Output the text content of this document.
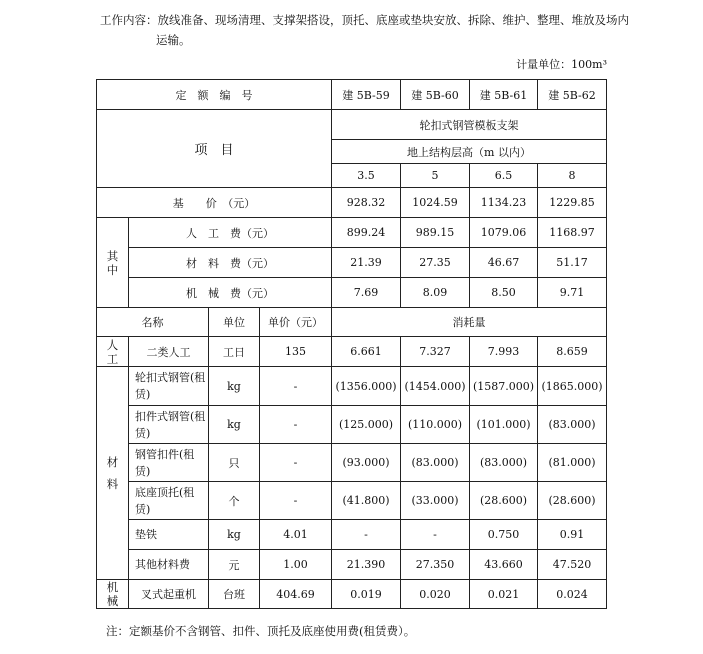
工作内容：放线准备、现场清理、支撑架搭设，顶托、底座或垫块安放、拆除、维护、整理、堆放及场内
运输。
计量单位：100m³
定　额　编　号				建 5B-59	建 5B-60	建 5B-61	建 5B-62
项　目				轮扣式钢管模板支架			
				地上结构层高（m 以内）			
				3.5	5	6.5	8
基　　价　（元）				928.32	1024.59	1134.23	1229.85
其中	人　工　费（元）			899.24	989.15	1079.06	1168.97
	材　料　费（元）			21.39	27.35	46.67	51.17
	机　械　费（元）			7.69	8.09	8.50	9.71
名称		单位	单价（元）	消耗量			
人工	二类人工	工日	135	6.661	7.327	7.993	8.659
材料	轮扣式钢管(租赁)	kg	-	(1356.000)	(1454.000)	(1587.000)	(1865.000)
	扣件式钢管(租赁)	kg	-	(125.000)	(110.000)	(101.000)	(83.000)
	钢管扣件(租赁)	只	-	(93.000)	(83.000)	(83.000)	(81.000)
	底座顶托(租赁)	个	-	(41.800)	(33.000)	(28.600)	(28.600)
	垫铁	kg	4.01	-	-	0.750	0.91
	其他材料费	元	1.00	21.390	27.350	43.660	47.520
机械	叉式起重机	台班	404.69	0.019	0.020	0.021	0.024
注：定额基价不含钢管、扣件、顶托及底座使用费(租赁费）。
